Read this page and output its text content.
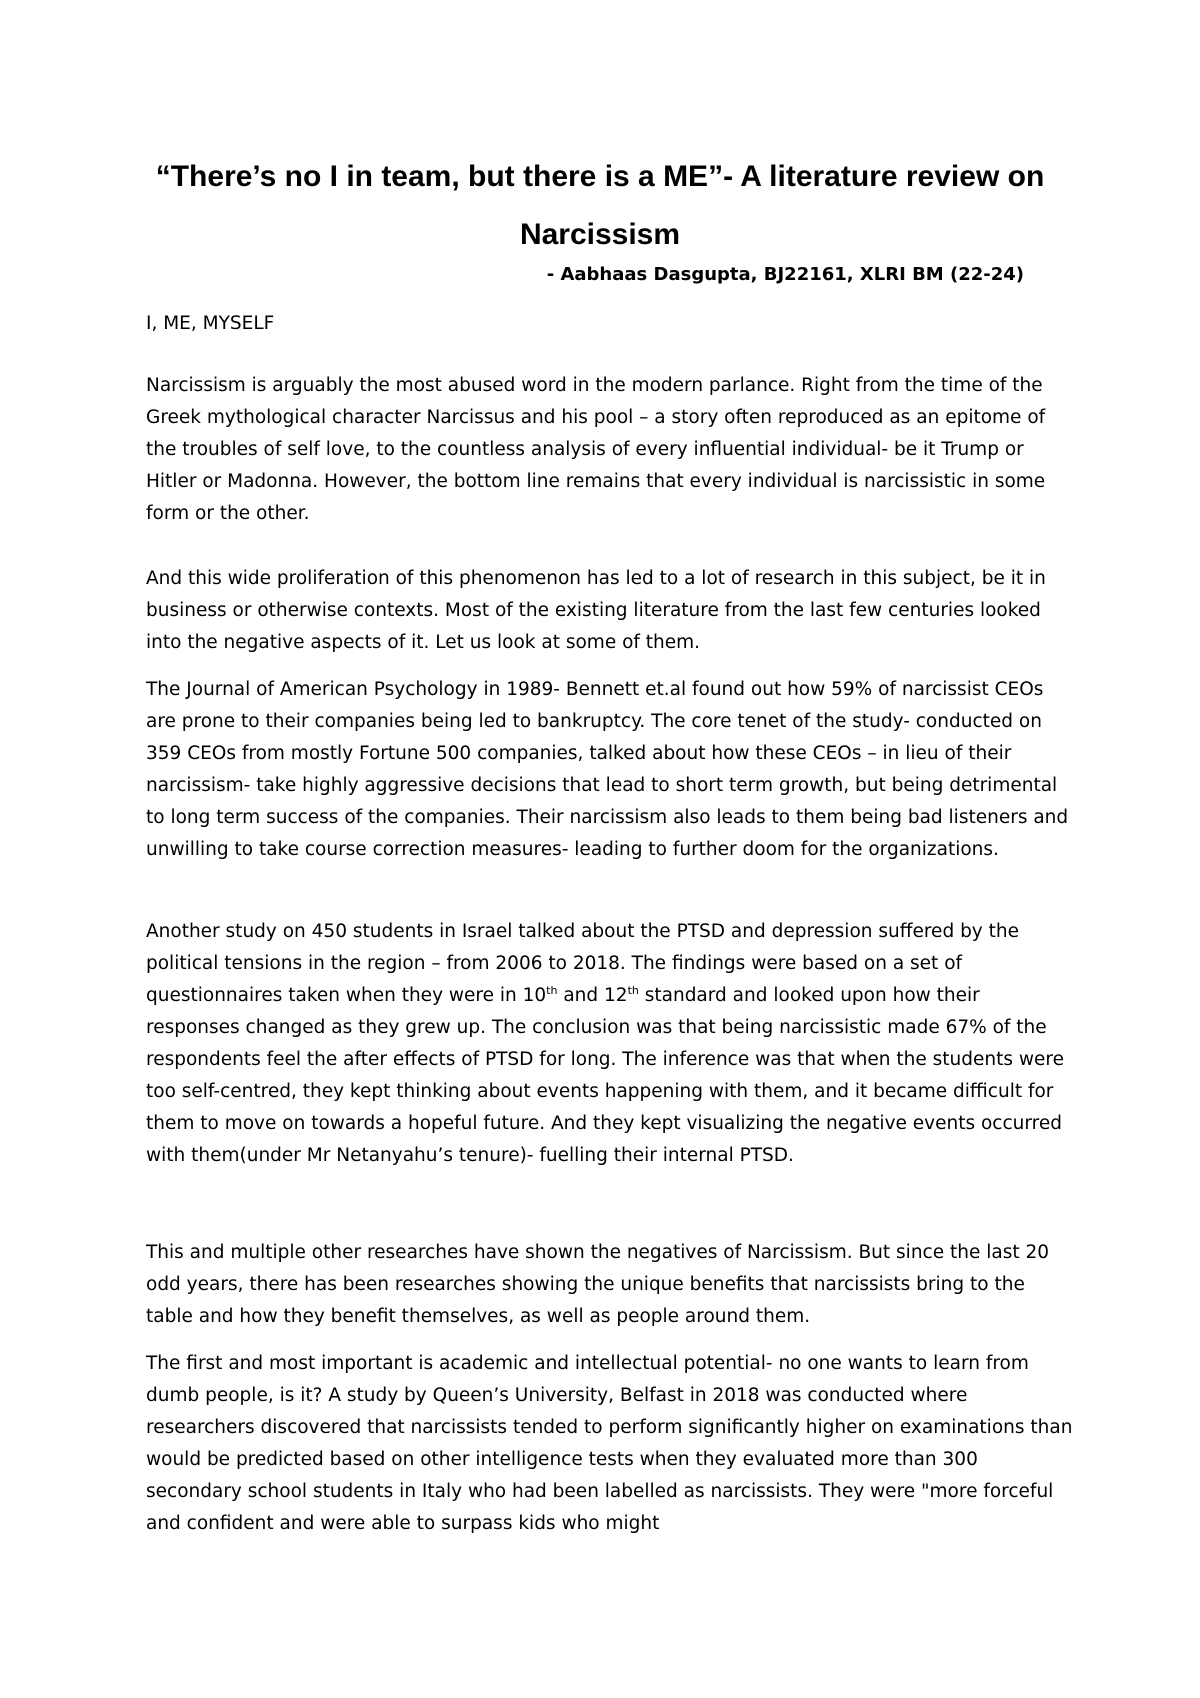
“There’s no I in team, but there is a ME”- A literature review on Narcissism

- Aabhaas Dasgupta, BJ22161, XLRI BM (22-24)

I, ME, MYSELF

Narcissism is arguably the most abused word in the modern parlance. Right from the time of the Greek mythological character Narcissus and his pool – a story often reproduced as an epitome of the troubles of self love, to the countless analysis of every influential individual- be it Trump or Hitler or Madonna. However, the bottom line remains that every individual is narcissistic in some form or the other.

And this wide proliferation of this phenomenon has led to a lot of research in this subject, be it in business or otherwise contexts. Most of the existing literature from the last few centuries looked into the negative aspects of it. Let us look at some of them.

The Journal of American Psychology in 1989- Bennett et.al found out how 59% of narcissist CEOs are prone to their companies being led to bankruptcy. The core tenet of the study- conducted on 359 CEOs from mostly Fortune 500 companies, talked about how these CEOs – in lieu of their narcissism- take highly aggressive decisions that lead to short term growth, but being detrimental to long term success of the companies. Their narcissism also leads to them being bad listeners and unwilling to take course correction measures- leading to further doom for the organizations.

Another study on 450 students in Israel talked about the PTSD and depression suffered by the political tensions in the region – from 2006 to 2018. The findings were based on a set of questionnaires taken when they were in 10th and 12th standard and looked upon how their responses changed as they grew up. The conclusion was that being narcissistic made 67% of the respondents feel the after effects of PTSD for long. The inference was that when the students were too self-centred, they kept thinking about events happening with them, and it became difficult for them to move on towards a hopeful future. And they kept visualizing the negative events occurred with them(under Mr Netanyahu’s tenure)- fuelling their internal PTSD.

This and multiple other researches have shown the negatives of Narcissism. But since the last 20 odd years, there has been researches showing the unique benefits that narcissists bring to the table and how they benefit themselves, as well as people around them.

The first and most important is academic and intellectual potential- no one wants to learn from dumb people, is it? A study by Queen’s University, Belfast in 2018 was conducted where researchers discovered that narcissists tended to perform significantly higher on examinations than would be predicted based on other intelligence tests when they evaluated more than 300 secondary school students in Italy who had been labelled as narcissists. They were "more forceful and confident and were able to surpass kids who might
